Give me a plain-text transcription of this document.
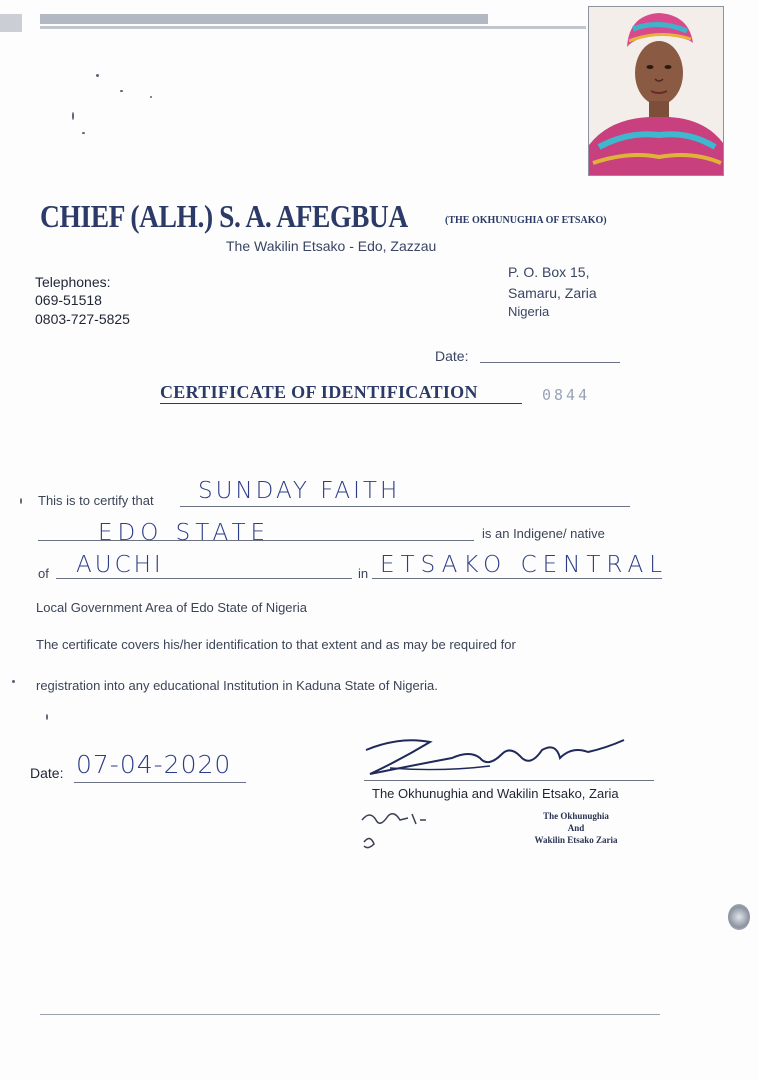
CHIEF (ALH.) S. A. AFEGBUA	(THE OKHUNUGHIA OF ETSAKO)
The Wakilin Etsako - Edo, Zazzau
Telephones:
069-51518
0803-727-5825
P. O. Box 15,
Samaru, Zaria
Nigeria
Date:
CERTIFICATE OF IDENTIFICATION	0844
This is to certify that SUNDAY FAITH
EDO STATE	is an Indigene/ native
of AUCHI	in ETSAKO CENTRAL
Local Government Area of Edo State of Nigeria
The certificate covers his/her identification to that extent and as may be required for
registration into any educational Institution in Kaduna State of Nigeria.
Date: 07-04-2020
The Okhunughia and Wakilin Etsako, Zaria
The Okhunughia
And
Wakilin Etsako Zaria
